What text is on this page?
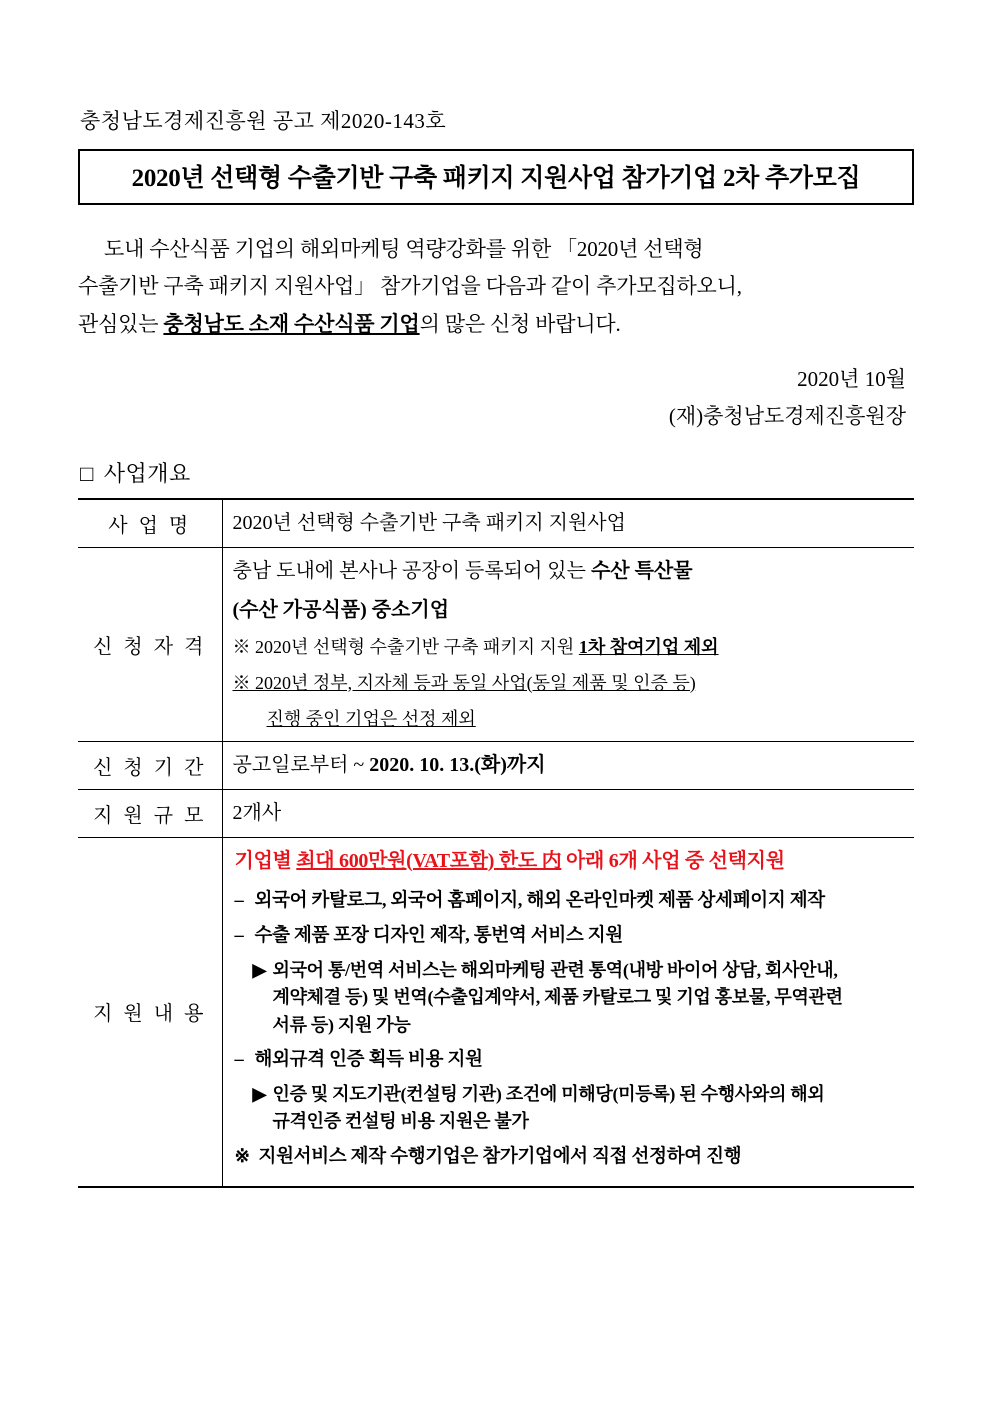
충청남도경제진흥원 공고 제2020-143호
2020년 선택형 수출기반 구축 패키지 지원사업 참가기업 2차 추가모집

도내 수산식품 기업의 해외마케팅 역량강화를 위한 「2020년 선택형
수출기반 구축 패키지 지원사업」 참가기업을 다음과 같이 추가모집하오니,
관심있는 충청남도 소재 수산식품 기업의 많은 신청 바랍니다.

2020년 10월
(재)충청남도경제진흥원장
□ 사업개요
사 업 명	2020년 선택형 수출기반 구축 패키지 지원사업
신 청 자 격	충남 도내에 본사나 공장이 등록되어 있는 수산 특산물

(수산 가공식품) 중소기업

※ 2020년 선택형 수출기반 구축 패키지 지원 1차 참여기업 제외

※ 2020년 정부, 지자체 등과 동일 사업(동일 제품 및 인증 등)

진행 중인 기업은 선정 제외

신 청 기 간	공고일로부터 ~ 2020. 10. 13.(화)까지
지 원 규 모	2개사
지 원 내 용	

기업별 최대 600만원(VAT포함) 한도 内 아래 6개 사업 중 선택지원

– 외국어 카탈로그, 외국어 홈페이지, 해외 온라인마켓 제품 상세페이지 제작
– 수출 제품 포장 디자인 제작, 통번역 서비스 지원
▶ 외국어 통/번역 서비스는 해외마케팅 관련 통역(내방 바이어 상담, 회사안내,
계약체결 등) 및 번역(수출입계약서, 제품 카탈로그 및 기업 홍보물, 무역관련
서류 등) 지원 가능
– 해외규격 인증 획득 비용 지원
▶ 인증 및 지도기관(컨설팅 기관) 조건에 미해당(미등록) 된 수행사와의 해외
규격인증 컨설팅 비용 지원은 불가
※ 지원서비스 제작 수행기업은 참가기업에서 직접 선정하여 진행
